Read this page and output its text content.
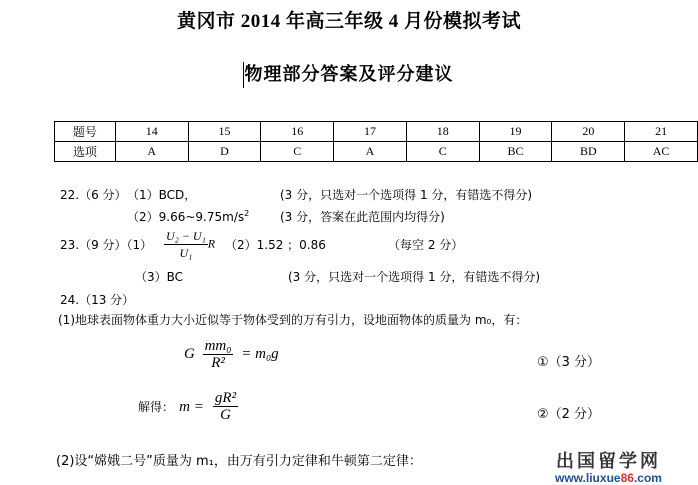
黄冈市 2014 年高三年级 4 月份模拟考试
物理部分答案及评分建议
题号	14	15	16	17	18	19	20	21
选项	A	D	C	A	C	BC	BD	AC
22.（6 分） （1）BCD，	(3 分，只选对一个选项得 1 分，有错选不得分)
$(2)9.66\sim 9.75m/s^2$	(3 分，答案在此范围内均得分)
23.（9 分）$(1) \frac{\text{U₂ − U₁}}{\text{U₁}}$ R （2）1.52 ；0.86	（每空 2 分）
（3）BC	(3 分，只选对一个选项得 1 分，有错选不得分)
24.（13 分）
(1)地球表面物体重力大小近似等于物体受到的万有引力，设地面物体的质量为 m₀，有：
G $\frac{\text{mm₀}}{\text{R²}} = m_0g$
①（3 分）
解得： $m = \frac{\text{gR²}}{G}$	②（2 分）
(2)设“嫦娥二号”质量为 m₁，由万有引力定律和牛顿第二定律：	出国留学网
www.liuxue86.com
